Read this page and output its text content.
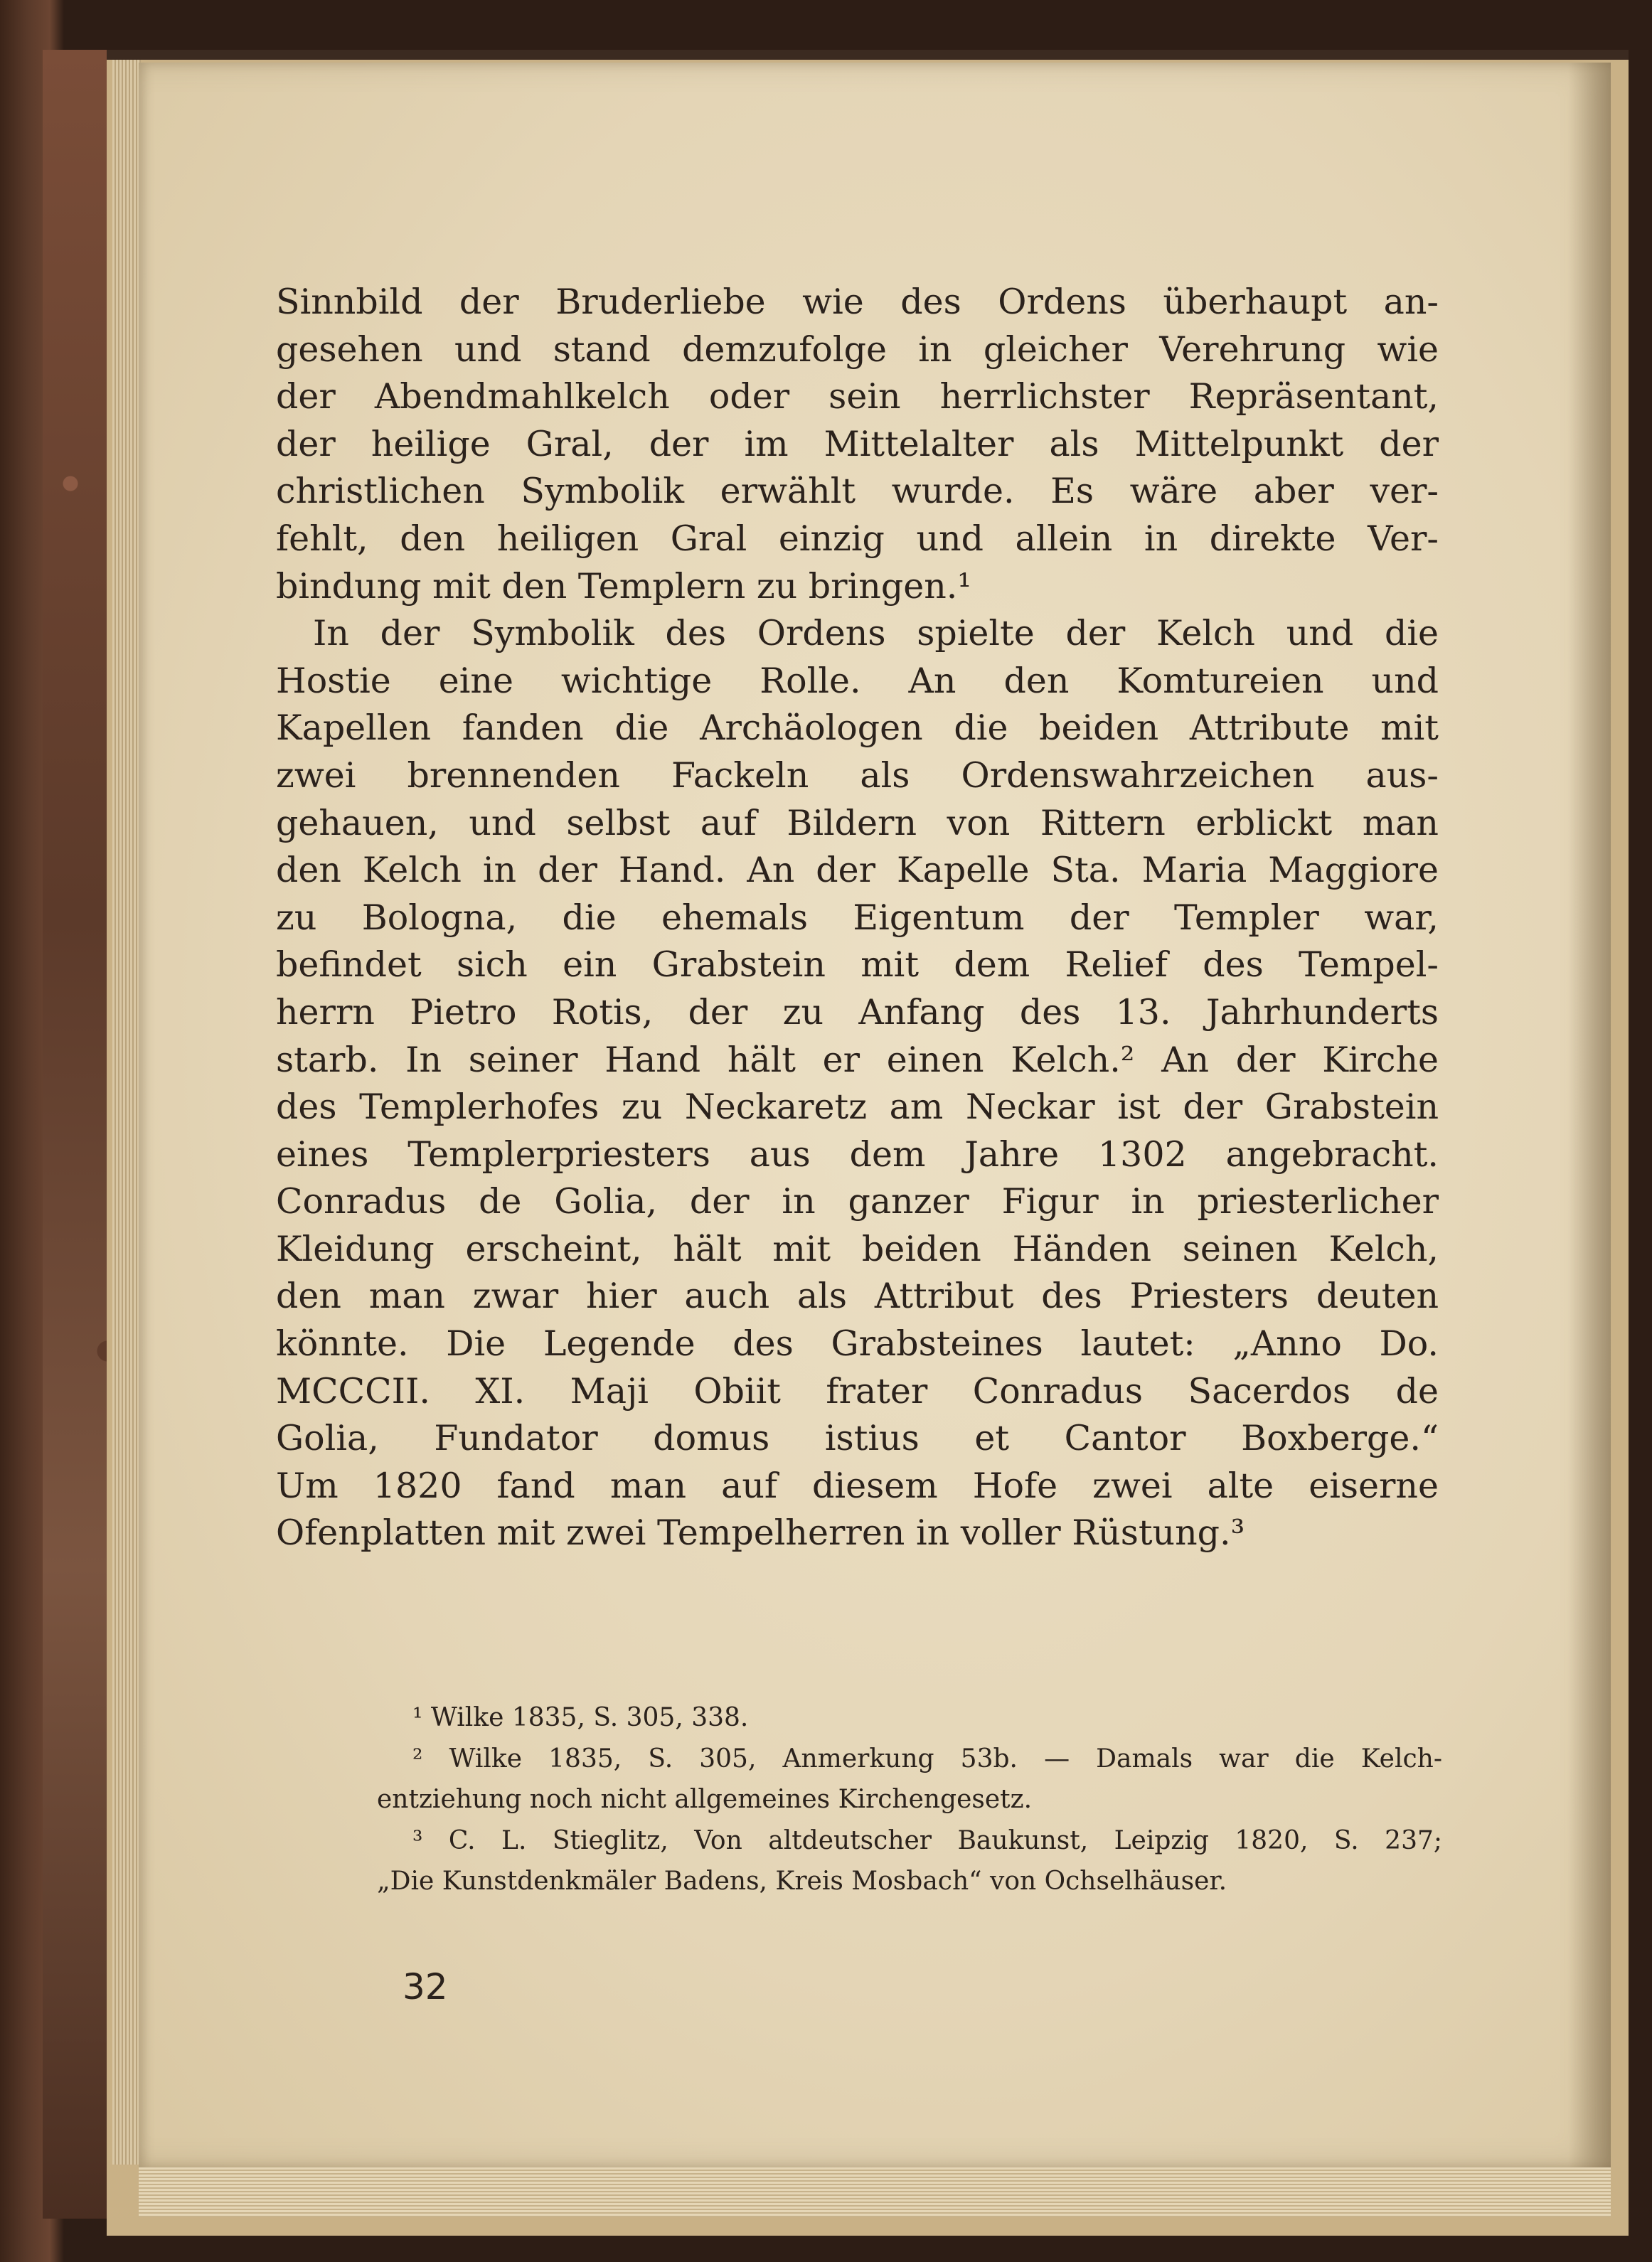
Sinnbild der Bruderliebe wie des Ordens überhaupt an-
gesehen und stand demzufolge in gleicher Verehrung wie
der Abendmahlkelch oder sein herrlichster Repräsentant,
der heilige Gral, der im Mittelalter als Mittelpunkt der
christlichen Symbolik erwählt wurde. Es wäre aber ver-
fehlt, den heiligen Gral einzig und allein in direkte Ver-
bindung mit den Templern zu bringen.¹
In der Symbolik des Ordens spielte der Kelch und die
Hostie eine wichtige Rolle. An den Komtureien und
Kapellen fanden die Archäologen die beiden Attribute mit
zwei brennenden Fackeln als Ordenswahrzeichen aus-
gehauen, und selbst auf Bildern von Rittern erblickt man
den Kelch in der Hand. An der Kapelle Sta. Maria Maggiore
zu Bologna, die ehemals Eigentum der Templer war,
befindet sich ein Grabstein mit dem Relief des Tempel-
herrn Pietro Rotis, der zu Anfang des 13. Jahrhunderts
starb. In seiner Hand hält er einen Kelch.² An der Kirche
des Templerhofes zu Neckaretz am Neckar ist der Grabstein
eines Templerpriesters aus dem Jahre 1302 angebracht.
Conradus de Golia, der in ganzer Figur in priesterlicher
Kleidung erscheint, hält mit beiden Händen seinen Kelch,
den man zwar hier auch als Attribut des Priesters deuten
könnte. Die Legende des Grabsteines lautet: „Anno Do.
MCCCII. XI. Maji Obiit frater Conradus Sacerdos de
Golia, Fundator domus istius et Cantor Boxberge.“
Um 1820 fand man auf diesem Hofe zwei alte eiserne
Ofenplatten mit zwei Tempelherren in voller Rüstung.³
¹ Wilke 1835, S. 305, 338.
² Wilke 1835, S. 305, Anmerkung 53b. — Damals war die Kelch-
entziehung noch nicht allgemeines Kirchengesetz.
³ C. L. Stieglitz, Von altdeutscher Baukunst, Leipzig 1820, S. 237;
„Die Kunstdenkmäler Badens, Kreis Mosbach“ von Ochselhäuser.
32
